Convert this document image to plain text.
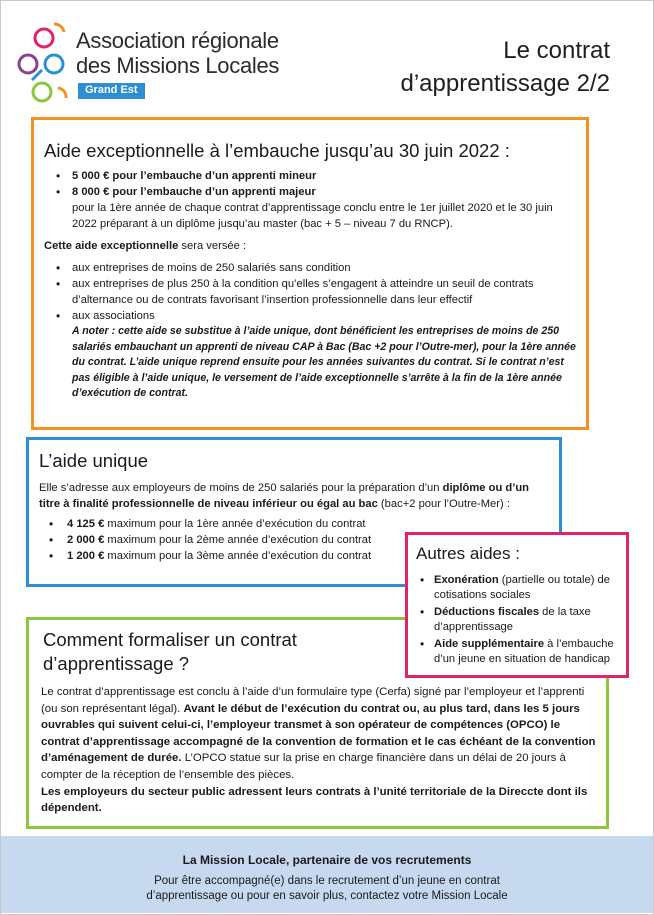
Association régionale
des Missions Locales
Grand Est
Le contrat
d’apprentissage 2/2
Aide exceptionnelle à l’embauche jusqu’au 30 juin 2022 :
• 5 000 € pour l’embauche d’un apprenti mineur
• 8 000 € pour l’embauche d’un apprenti majeur
pour la 1ère année de chaque contrat d’apprentissage conclu entre le 1er juillet 2020 et le 30 juin 2022 préparant à un diplôme jusqu’au master (bac + 5 – niveau 7 du RNCP).
Cette aide exceptionnelle sera versée :
• aux entreprises de moins de 250 salariés sans condition
• aux entreprises de plus 250 à la condition qu’elles s’engagent à atteindre un seuil de contrats d’alternance ou de contrats favorisant l’insertion professionnelle dans leur effectif
• aux associations
A noter : cette aide se substitue à l’aide unique, dont bénéficient les entreprises de moins de 250 salariés embauchant un apprenti de niveau CAP à Bac (Bac +2 pour l’Outre-mer), pour la 1ère année du contrat. L’aide unique reprend ensuite pour les années suivantes du contrat. Si le contrat n’est pas éligible à l’aide unique, le versement de l’aide exceptionnelle s’arrête à la fin de la 1ère année d’exécution de contrat.
L’aide unique
Elle s’adresse aux employeurs de moins de 250 salariés pour la préparation d’un diplôme ou d’un titre à finalité professionnelle de niveau inférieur ou égal au bac (bac+2 pour l’Outre-Mer) :
• 4 125 € maximum pour la 1ère année d’exécution du contrat
• 2 000 € maximum pour la 2ème année d’exécution du contrat
• 1 200 € maximum pour la 3ème année d’exécution du contrat	Autres aides :
• Exonération (partielle ou totale) de cotisations sociales
• Déductions fiscales de la taxe d’apprentissage
• Aide supplémentaire à l’embauche d’un jeune en situation de handicap
Comment formaliser un contrat
d’apprentissage ?
Le contrat d’apprentissage est conclu à l’aide d’un formulaire type (Cerfa) signé par l’employeur et l’apprenti (ou son représentant légal). Avant le début de l’exécution du contrat ou, au plus tard, dans les 5 jours ouvrables qui suivent celui-ci, l’employeur transmet à son opérateur de compétences (OPCO) le contrat d’apprentissage accompagné de la convention de formation et le cas échéant de la convention d’aménagement de durée. L’OPCO statue sur la prise en charge financière dans un délai de 20 jours à compter de la réception de l’ensemble des pièces.
Les employeurs du secteur public adressent leurs contrats à l’unité territoriale de la Direccte dont ils dépendent.
La Mission Locale, partenaire de vos recrutements
Pour être accompagné(e) dans le recrutement d’un jeune en contrat
d’apprentissage ou pour en savoir plus, contactez votre Mission Locale
